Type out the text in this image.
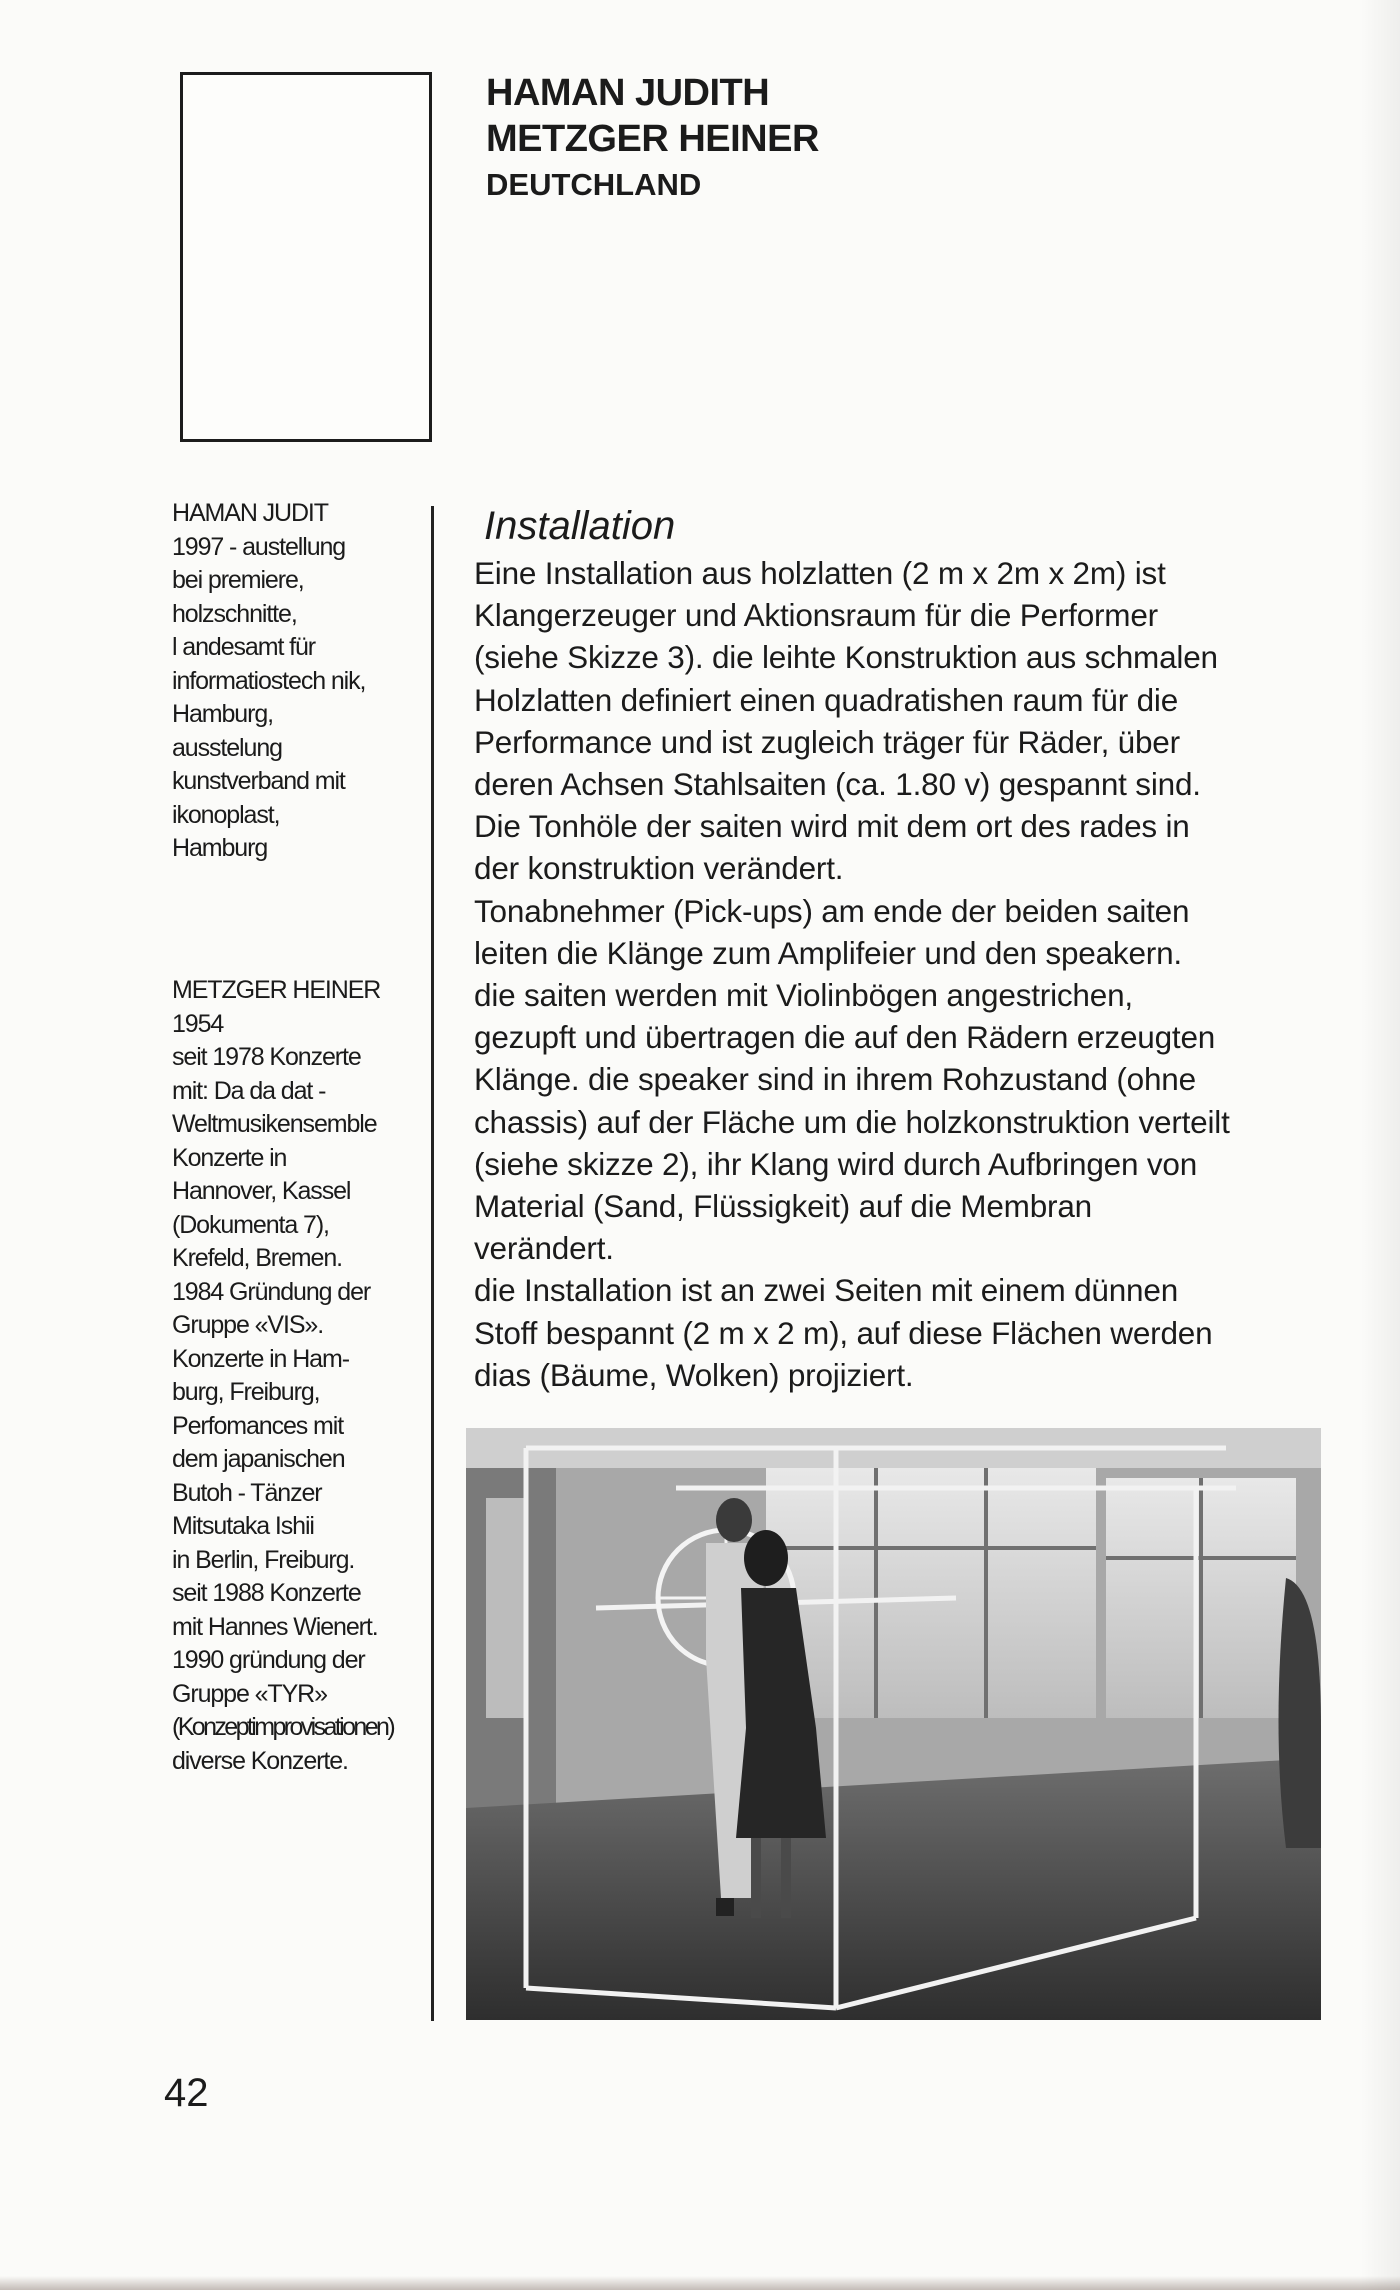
HAMAN JUDITH
METZGER HEINER
DEUTCHLAND
HAMAN JUDIT
1997 - austellung
bei premiere,
holzschnitte,
l andesamt für
informatiostech nik,
Hamburg,
ausstelung
kunstverband mit
ikonoplast,
Hamburg
METZGER HEINER
1954
seit 1978 Konzerte
mit: Da da dat -
Weltmusikensemble
Konzerte in
Hannover, Kassel
(Dokumenta 7),
Krefeld, Bremen.
1984 Gründung der
Gruppe «VIS».
Konzerte in Ham-
burg, Freiburg,
Perfomances mit
dem japanischen
Butoh - Tänzer
Mitsutaka Ishii
in Berlin, Freiburg.
seit 1988 Konzerte
mit Hannes Wienert.
1990 gründung der
Gruppe «TYR»
(Konzeptimprovisationen)
diverse Konzerte.
Installation
Eine Installation aus holzlatten (2 m x 2m x 2m) ist
Klangerzeuger und Aktionsraum für die Performer
(siehe Skizze 3). die leihte Konstruktion aus schmalen
Holzlatten definiert einen quadratishen raum für die
Performance und ist zugleich träger für Räder, über
deren Achsen Stahlsaiten (ca. 1.80 v) gespannt sind.
Die Tonhöle der saiten wird mit dem ort des rades in
der konstruktion verändert.
Tonabnehmer (Pick-ups) am ende der beiden saiten
leiten die Klänge zum Amplifeier und den speakern.
die saiten werden mit Violinbögen angestrichen,
gezupft und übertragen die auf den Rädern erzeugten
Klänge. die speaker sind in ihrem Rohzustand (ohne
chassis) auf der Fläche um die holzkonstruktion verteilt
(siehe skizze 2), ihr Klang wird durch Aufbringen von
Material (Sand, Flüssigkeit) auf die Membran
verändert.
die Installation ist an zwei Seiten mit einem dünnen
Stoff bespannt (2 m x 2 m), auf diese Flächen werden
dias (Bäume, Wolken) projiziert.
42
